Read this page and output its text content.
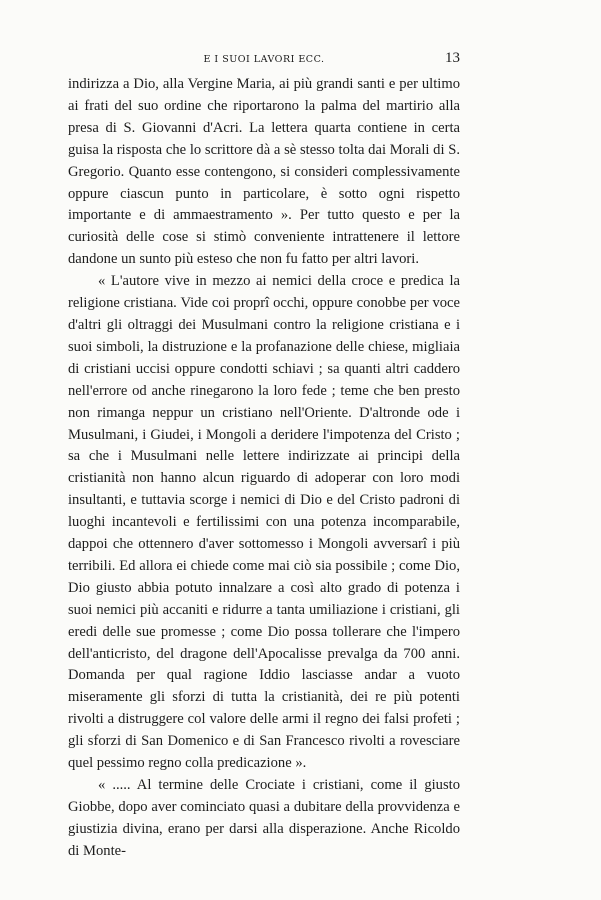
E I SUOI LAVORI ECC.	13

indirizza a Dio, alla Vergine Maria, ai più grandi santi e per ultimo ai frati del suo ordine che riportarono la palma del martirio alla presa di S. Giovanni d'Acri. La lettera quarta contiene in certa guisa la risposta che lo scrittore dà a sè stesso tolta dai Morali di S. Gregorio. Quanto esse contengono, si consideri complessivamente oppure ciascun punto in particolare, è sotto ogni rispetto importante e di ammaestramento ». Per tutto questo e per la curiosità delle cose si stimò conveniente intrattenere il lettore dandone un sunto più esteso che non fu fatto per altri lavori.

« L'autore vive in mezzo ai nemici della croce e predica la religione cristiana. Vide coi proprî occhi, oppure conobbe per voce d'altri gli oltraggi dei Musulmani contro la religione cristiana e i suoi simboli, la distruzione e la profanazione delle chiese, migliaia di cristiani uccisi oppure condotti schiavi ; sa quanti altri caddero nell'errore od anche rinegarono la loro fede ; teme che ben presto non rimanga neppur un cristiano nell'Oriente. D'altronde ode i Musulmani, i Giudei, i Mongoli a deridere l'impotenza del Cristo ; sa che i Musulmani nelle lettere indirizzate ai principi della cristianità non hanno alcun riguardo di adoperar con loro modi insultanti, e tuttavia scorge i nemici di Dio e del Cristo padroni di luoghi incantevoli e fertilissimi con una potenza incomparabile, dappoi che ottennero d'aver sottomesso i Mongoli avversarî i più terribili. Ed allora ei chiede come mai ciò sia possibile ; come Dio, Dio giusto abbia potuto innalzare a così alto grado di potenza i suoi nemici più accaniti e ridurre a tanta umiliazione i cristiani, gli eredi delle sue promesse ; come Dio possa tollerare che l'impero dell'anticristo, del dragone dell'Apocalisse prevalga da 700 anni. Domanda per qual ragione Iddio lasciasse andar a vuoto miseramente gli sforzi di tutta la cristianità, dei re più potenti rivolti a distruggere col valore delle armi il regno dei falsi profeti ; gli sforzi di San Domenico e di San Francesco rivolti a rovesciare quel pessimo regno colla predicazione ».

« ..... Al termine delle Crociate i cristiani, come il giusto Giobbe, dopo aver cominciato quasi a dubitare della provvidenza e giustizia divina, erano per darsi alla disperazione. Anche Ricoldo di Monte-
